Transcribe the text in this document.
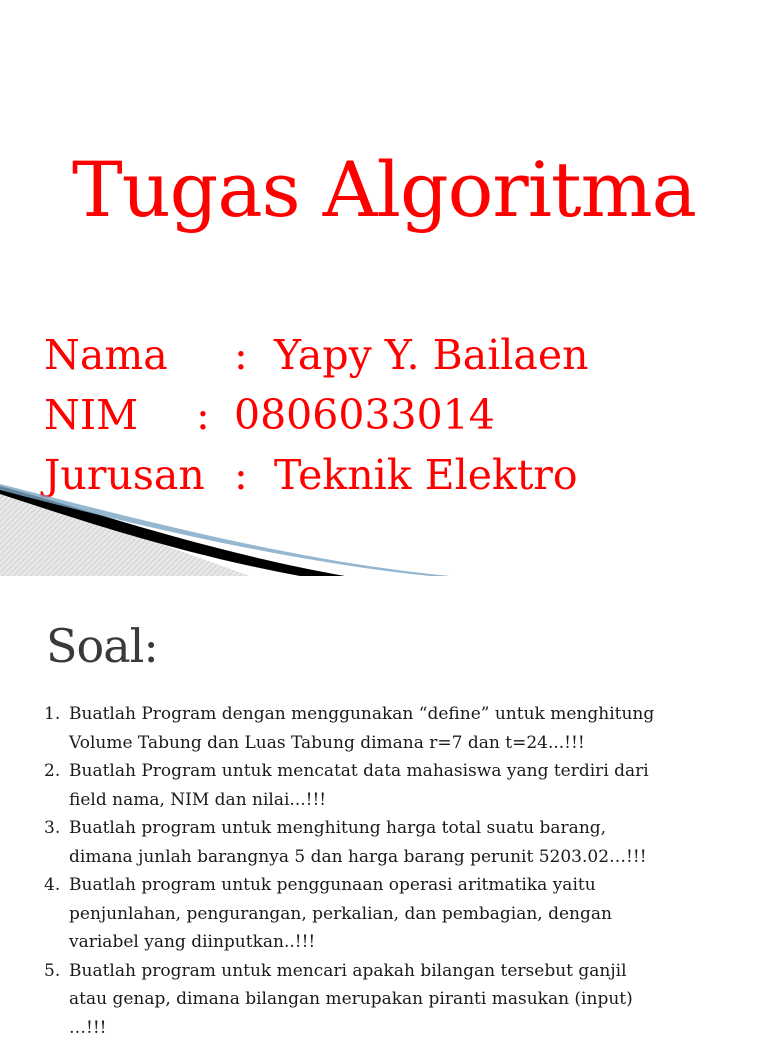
Tugas Algoritma
Nama : Yapy Y. Bailaen
NIM : 0806033014
Jurusan : Teknik Elektro
Soal:
1. Buatlah Program dengan menggunakan “define” untuk menghitung
Volume Tabung dan Luas Tabung dimana r=7 dan t=24...!!!
2. Buatlah Program untuk mencatat data mahasiswa yang terdiri dari
field nama, NIM dan nilai...!!!
3. Buatlah program untuk menghitung harga total suatu barang,
dimana junlah barangnya 5 dan harga barang perunit 5203.02…!!!
4. Buatlah program untuk penggunaan operasi aritmatika yaitu
penjunlahan, pengurangan, perkalian, dan pembagian, dengan
variabel yang diinputkan..!!!
5. Buatlah program untuk mencari apakah bilangan tersebut ganjil
atau genap, dimana bilangan merupakan piranti masukan (input)
…!!!
